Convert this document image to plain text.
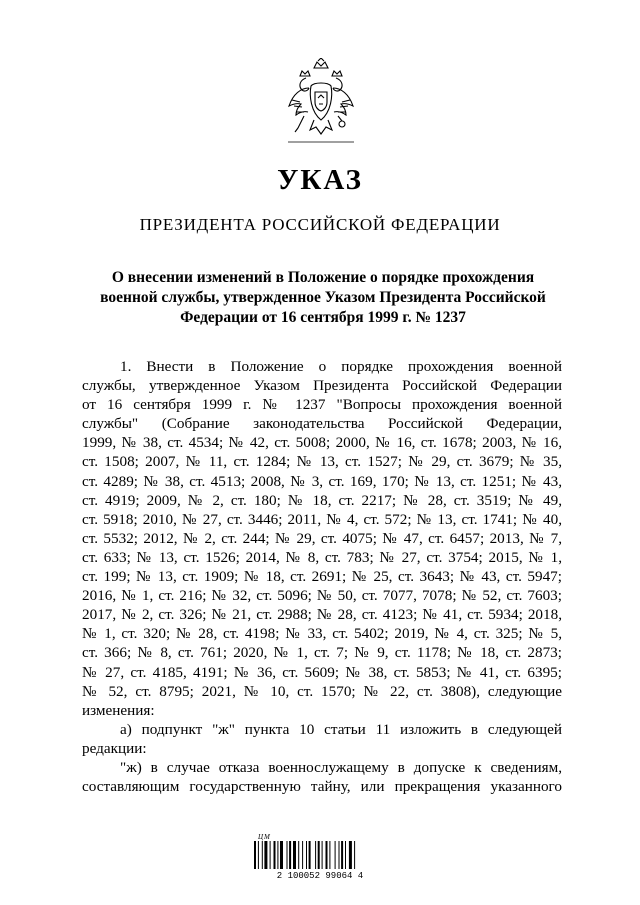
УКАЗ
ПРЕЗИДЕНТА РОССИЙСКОЙ ФЕДЕРАЦИИ
О внесении изменений в Положение о порядке прохождения
военной службы, утвержденное Указом Президента Российской
Федерации от 16 сентября 1999 г. № 1237
1. Внести в Положение о порядке прохождения военной
службы, утвержденное Указом Президента Российской Федерации
от 16 сентября 1999 г. № 1237 "Вопросы прохождения военной
службы" (Собрание законодательства Российской Федерации,
1999, № 38, ст. 4534; № 42, ст. 5008; 2000, № 16, ст. 1678; 2003, № 16,
ст. 1508; 2007, № 11, ст. 1284; № 13, ст. 1527; № 29, ст. 3679; № 35,
ст. 4289; № 38, ст. 4513; 2008, № 3, ст. 169, 170; № 13, ст. 1251; № 43,
ст. 4919; 2009, № 2, ст. 180; № 18, ст. 2217; № 28, ст. 3519; № 49,
ст. 5918; 2010, № 27, ст. 3446; 2011, № 4, ст. 572; № 13, ст. 1741; № 40,
ст. 5532; 2012, № 2, ст. 244; № 29, ст. 4075; № 47, ст. 6457; 2013, № 7,
ст. 633; № 13, ст. 1526; 2014, № 8, ст. 783; № 27, ст. 3754; 2015, № 1,
ст. 199; № 13, ст. 1909; № 18, ст. 2691; № 25, ст. 3643; № 43, ст. 5947;
2016, № 1, ст. 216; № 32, ст. 5096; № 50, ст. 7077, 7078; № 52, ст. 7603;
2017, № 2, ст. 326; № 21, ст. 2988; № 28, ст. 4123; № 41, ст. 5934; 2018,
№ 1, ст. 320; № 28, ст. 4198; № 33, ст. 5402; 2019, № 4, ст. 325; № 5,
ст. 366; № 8, ст. 761; 2020, № 1, ст. 7; № 9, ст. 1178; № 18, ст. 2873;
№ 27, ст. 4185, 4191; № 36, ст. 5609; № 38, ст. 5853; № 41, ст. 6395;
№ 52, ст. 8795; 2021, № 10, ст. 1570; № 22, ст. 3808), следующие
изменения:
а) подпункт "ж" пункта 10 статьи 11 изложить в следующей
редакции:
"ж) в случае отказа военнослужащему в допуске к сведениям,
составляющим государственную тайну, или прекращения указанного
ЦМ
2 100052 99064 4
